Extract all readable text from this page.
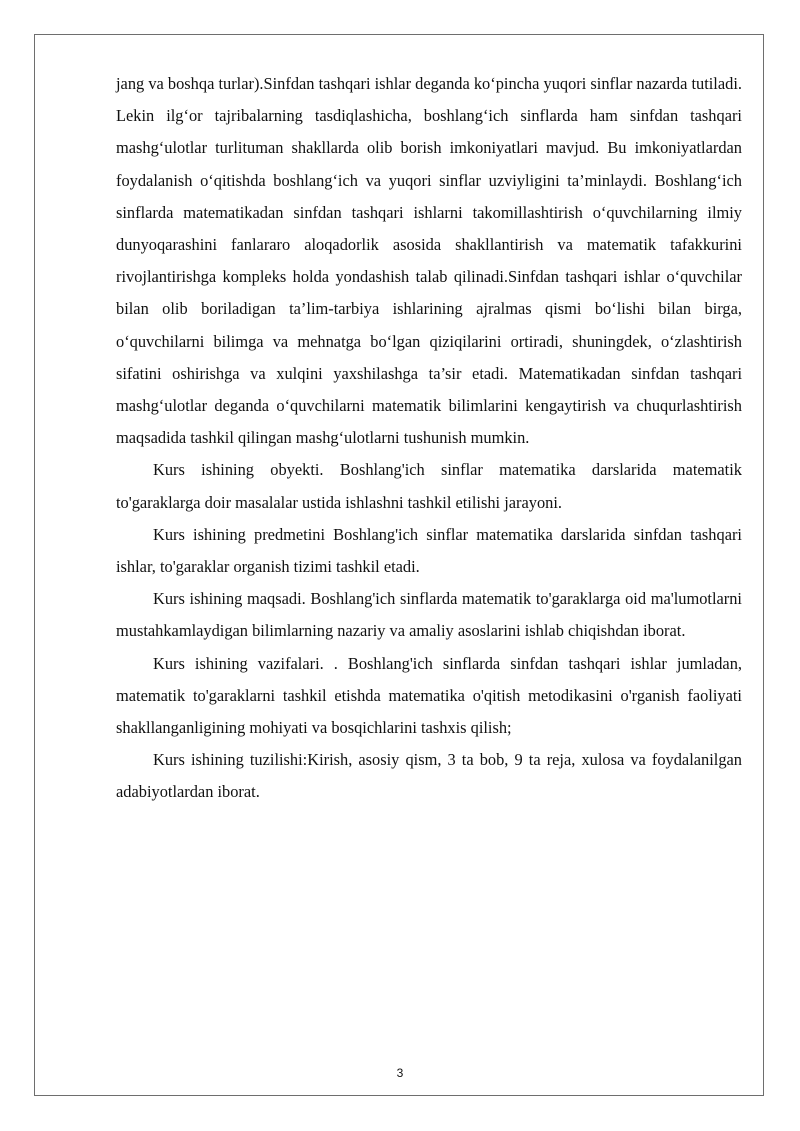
jang va boshqa turlar).Sinfdan tashqari ishlar deganda ko‘pincha yuqori sinflar nazarda tutiladi. Lekin ilg‘or tajribalarning tasdiqlashicha, boshlang‘ich sinflarda ham sinfdan tashqari mashg‘ulotlar turlituman shakllarda olib borish imkoniyatlari mavjud. Bu imkoniyatlardan foydalanish o‘qitishda boshlang‘ich va yuqori sinflar uzviyligini ta’minlaydi. Boshlang‘ich sinflarda matematikadan sinfdan tashqari ishlarni takomillashtirish o‘quvchilarning ilmiy dunyoqarashini fanlararo aloqadorlik asosida shakllantirish va matematik tafakkurini rivojlantirishga kompleks holda yondashish talab qilinadi.Sinfdan tashqari ishlar o‘quvchilar bilan olib boriladigan ta’lim-tarbiya ishlarining ajralmas qismi bo‘lishi bilan birga, o‘quvchilarni bilimga va mehnatga bo‘lgan qiziqilarini ortiradi, shuningdek, o‘zlashtirish sifatini oshirishga va xulqini yaxshilashga ta’sir etadi. Matematikadan sinfdan tashqari mashg‘ulotlar deganda o‘quvchilarni matematik bilimlarini kengaytirish va chuqurlashtirish maqsadida tashkil qilingan mashg‘ulotlarni tushunish mumkin.

Kurs ishining obyekti. Boshlang'ich sinflar matematika darslarida matematik to'garaklarga doir masalalar ustida ishlashni tashkil etilishi jarayoni.

Kurs ishining predmetini Boshlang'ich sinflar matematika darslarida sinfdan tashqari ishlar, to'garaklar organish tizimi tashkil etadi.

Kurs ishining maqsadi. Boshlang'ich sinflarda matematik to'garaklarga oid ma'lumotlarni mustahkamlaydigan bilimlarning nazariy va amaliy asoslarini ishlab chiqishdan iborat.

Kurs ishining vazifalari. . Boshlang'ich sinflarda sinfdan tashqari ishlar jumladan, matematik to'garaklarni tashkil etishda matematika o'qitish metodikasini o'rganish faoliyati shakllanganligining mohiyati va bosqichlarini tashxis qilish;

Kurs ishining tuzilishi:Kirish, asosiy qism, 3 ta bob, 9 ta reja, xulosa va foydalanilgan adabiyotlardan iborat.

3
